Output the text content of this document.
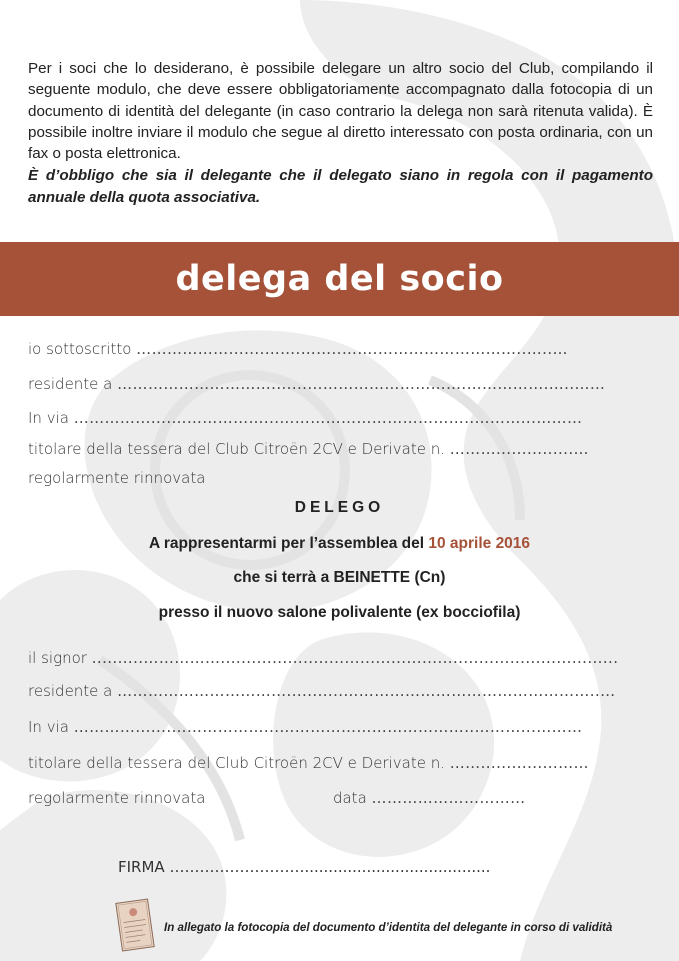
Per i soci che lo desiderano, è possibile delegare un altro socio del Club, compilando il seguente modulo, che deve essere obbligatoriamente accompagnato dalla fotocopia di un documento di identità del delegante (in caso contrario la delega non sarà ritenuta valida). È possibile inoltre inviare il modulo che segue al diretto interessato con posta ordinaria, con un fax o posta elettronica.

È d’obbligo che sia il delegante che il delegato siano in regola con il pagamento annuale della quota associativa.

delega del socio
io sottoscritto ……………….......…….……..…….………………………..…..…
residente a …………………………..........……………………….…………….…..……
In via ………….......………………...………………………………..………...………
titolare della tessera del Club Citroën 2CV e Derivate n. ………...............…
regolarmente rinnovata
DELEGO
A rappresentarmi per l’assemblea del 10 aprile 2016
che si terrà a BEINETTE (Cn)
presso il nuovo salone polivalente (ex bocciofila)
il signor ..........…………….............................................................................
residente a ……………………………...........…………………………………………..…
In via ………….......………………...………………………………..………...………
titolare della tessera del Club Citroën 2CV e Derivate n. ……...............……
regolarmente rinnovata	data …………………………
FIRMA ……………………….......................................
In allegato la fotocopia del documento d’identita del delegante in corso di validità
